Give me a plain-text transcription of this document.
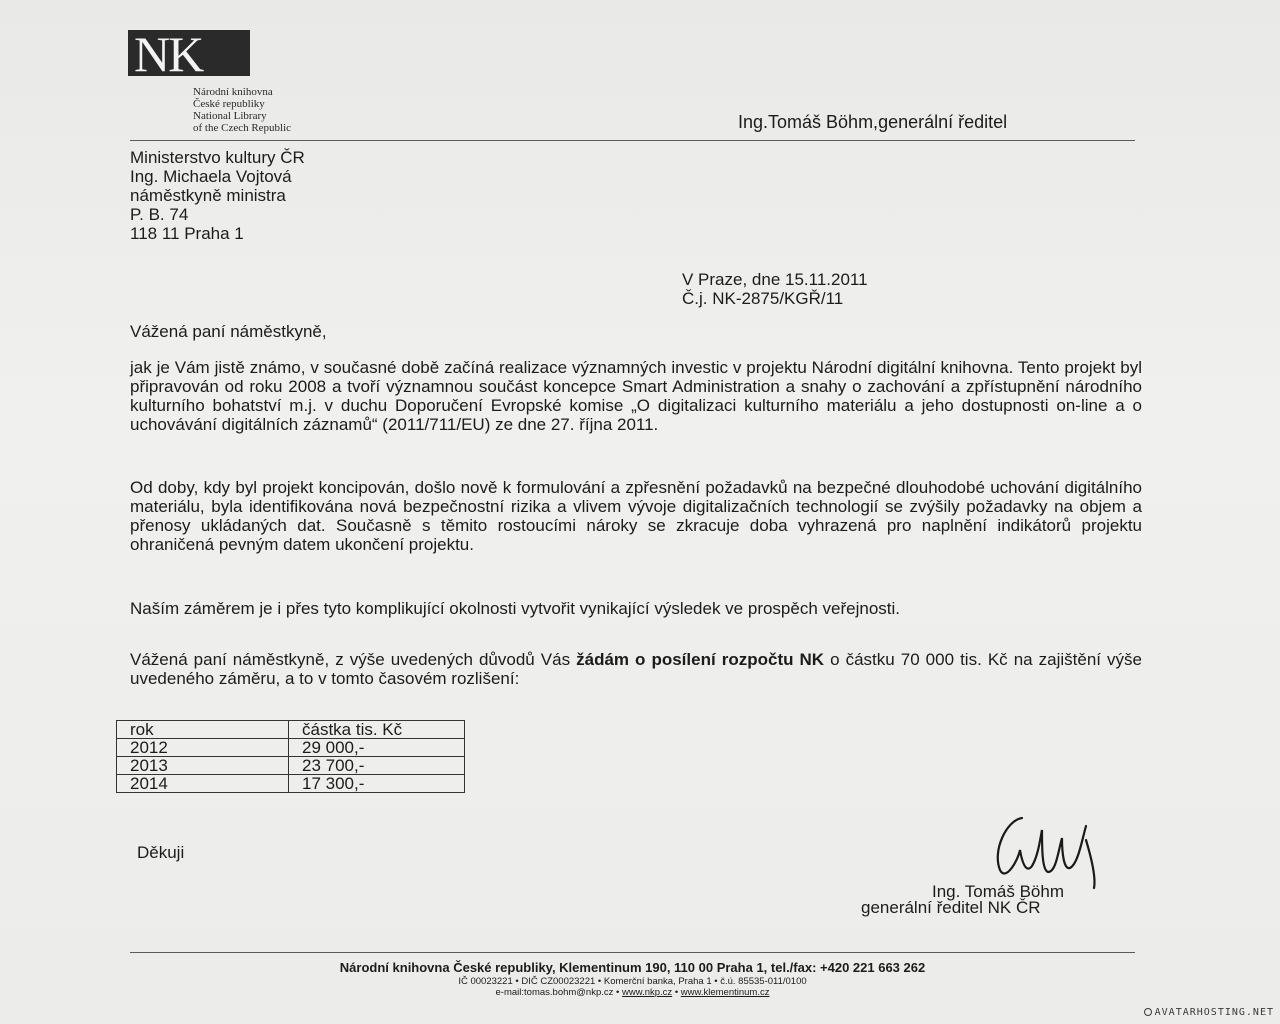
NK
Národní knihovna
České republiky
National Library
of the Czech Republic	Ing.Tomáš Böhm,generální ředitel
Ministerstvo kultury ČR
Ing. Michaela Vojtová
náměstkyně ministra
P. B. 74
118 11 Praha 1
V Praze, dne 15.11.2011
Č.j. NK-2875/KGŘ/11
Vážená paní náměstkyně,
jak je Vám jistě známo, v současné době začíná realizace významných investic v projektu Národní digitální knihovna. Tento projekt byl připravován od roku 2008 a tvoří významnou součást koncepce Smart Administration a snahy o zachování a zpřístupnění národního kulturního bohatství m.j. v duchu Doporučení Evropské komise „O digitalizaci kulturního materiálu a jeho dostupnosti on-line a o uchovávání digitálních záznamů“ (2011/711/EU) ze dne 27. října 2011.
Od doby, kdy byl projekt koncipován, došlo nově k formulování a zpřesnění požadavků na bezpečné dlouhodobé uchování digitálního materiálu, byla identifikována nová bezpečnostní rizika a vlivem vývoje digitalizačních technologií se zvýšily požadavky na objem a přenosy ukládaných dat. Současně s těmito rostoucími nároky se zkracuje doba vyhrazená pro naplnění indikátorů projektu ohraničená pevným datem ukončení projektu.
Naším záměrem je i přes tyto komplikující okolnosti vytvořit vynikající výsledek ve prospěch veřejnosti.
Vážená paní náměstkyně, z výše uvedených důvodů Vás žádám o posílení rozpočtu NK o částku 70 000 tis. Kč na zajištění výše uvedeného záměru, a to v tomto časovém rozlišení:
rok	částka tis. Kč
2012	29 000,-
2013	23 700,-
2014	17 300,-
Děkuji
Ing. Tomáš Böhm
generální ředitel NK ČR
Národní knihovna České republiky, Klementinum 190, 110 00 Praha 1, tel./fax: +420 221 663 262
IČ 00023221 • DIČ CZ00023221 • Komerční banka, Praha 1 • č.ú. 85535-011/0100
e-mail:tomas.bohm@nkp.cz • www.nkp.cz • www.klementinum.cz
AVATARHOSTING.NET
